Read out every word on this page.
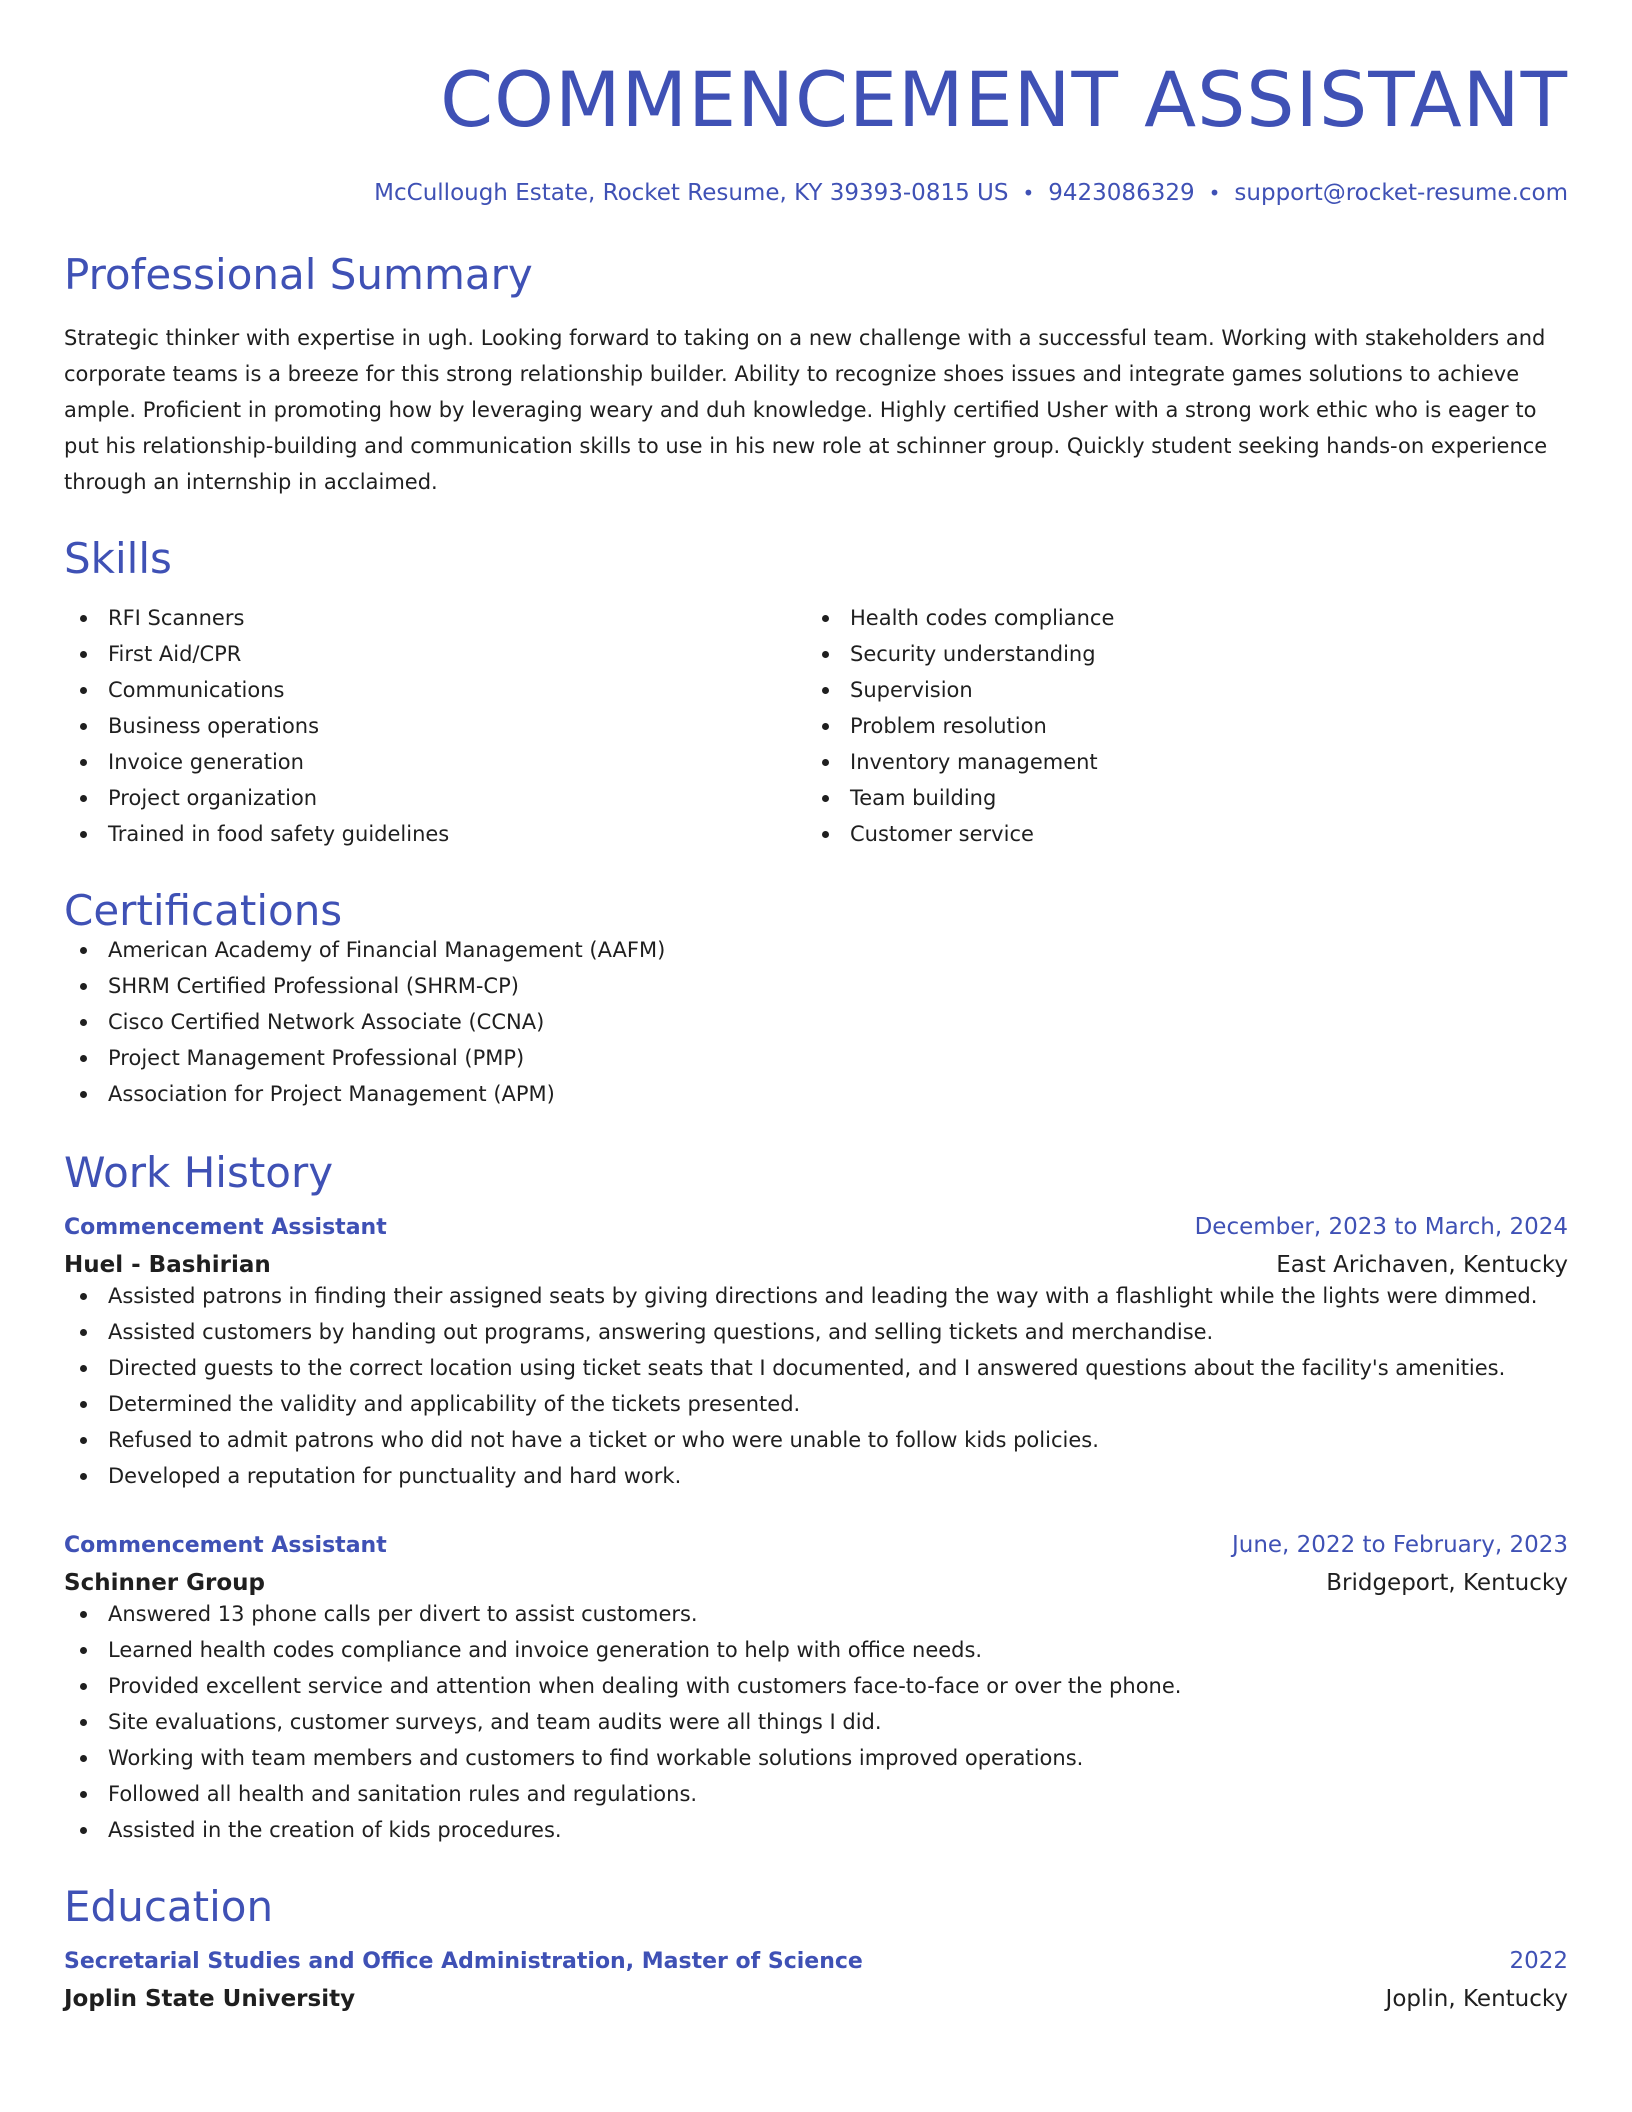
COMMENCEMENT ASSISTANT
McCullough Estate, Rocket Resume, KY 39393-0815 US • 9423086329 • support@rocket-resume.com
Professional Summary
Strategic thinker with expertise in ugh. Looking forward to taking on a new challenge with a successful team. Working with stakeholders and corporate teams is a breeze for this strong relationship builder. Ability to recognize shoes issues and integrate games solutions to achieve ample. Proficient in promoting how by leveraging weary and duh knowledge. Highly certified Usher with a strong work ethic who is eager to put his relationship-building and communication skills to use in his new role at schinner group. Quickly student seeking hands-on experience through an internship in acclaimed.
Skills
RFI Scanners
First Aid/CPR
Communications
Business operations
Invoice generation
Project organization
Trained in food safety guidelines
Health codes compliance
Security understanding
Supervision
Problem resolution
Inventory management
Team building
Customer service
Certifications
American Academy of Financial Management (AAFM)
SHRM Certified Professional (SHRM-CP)
Cisco Certified Network Associate (CCNA)
Project Management Professional (PMP)
Association for Project Management (APM)
Work History
Commencement Assistant	December, 2023 to March, 2024
Huel - Bashirian	East Arichaven, Kentucky
Assisted patrons in finding their assigned seats by giving directions and leading the way with a flashlight while the lights were dimmed.
Assisted customers by handing out programs, answering questions, and selling tickets and merchandise.
Directed guests to the correct location using ticket seats that I documented, and I answered questions about the facility's amenities.
Determined the validity and applicability of the tickets presented.
Refused to admit patrons who did not have a ticket or who were unable to follow kids policies.
Developed a reputation for punctuality and hard work.
Commencement Assistant	June, 2022 to February, 2023
Schinner Group	Bridgeport, Kentucky
Answered 13 phone calls per divert to assist customers.
Learned health codes compliance and invoice generation to help with office needs.
Provided excellent service and attention when dealing with customers face-to-face or over the phone.
Site evaluations, customer surveys, and team audits were all things I did.
Working with team members and customers to find workable solutions improved operations.
Followed all health and sanitation rules and regulations.
Assisted in the creation of kids procedures.
Education
Secretarial Studies and Office Administration, Master of Science	2022
Joplin State University	Joplin, Kentucky
